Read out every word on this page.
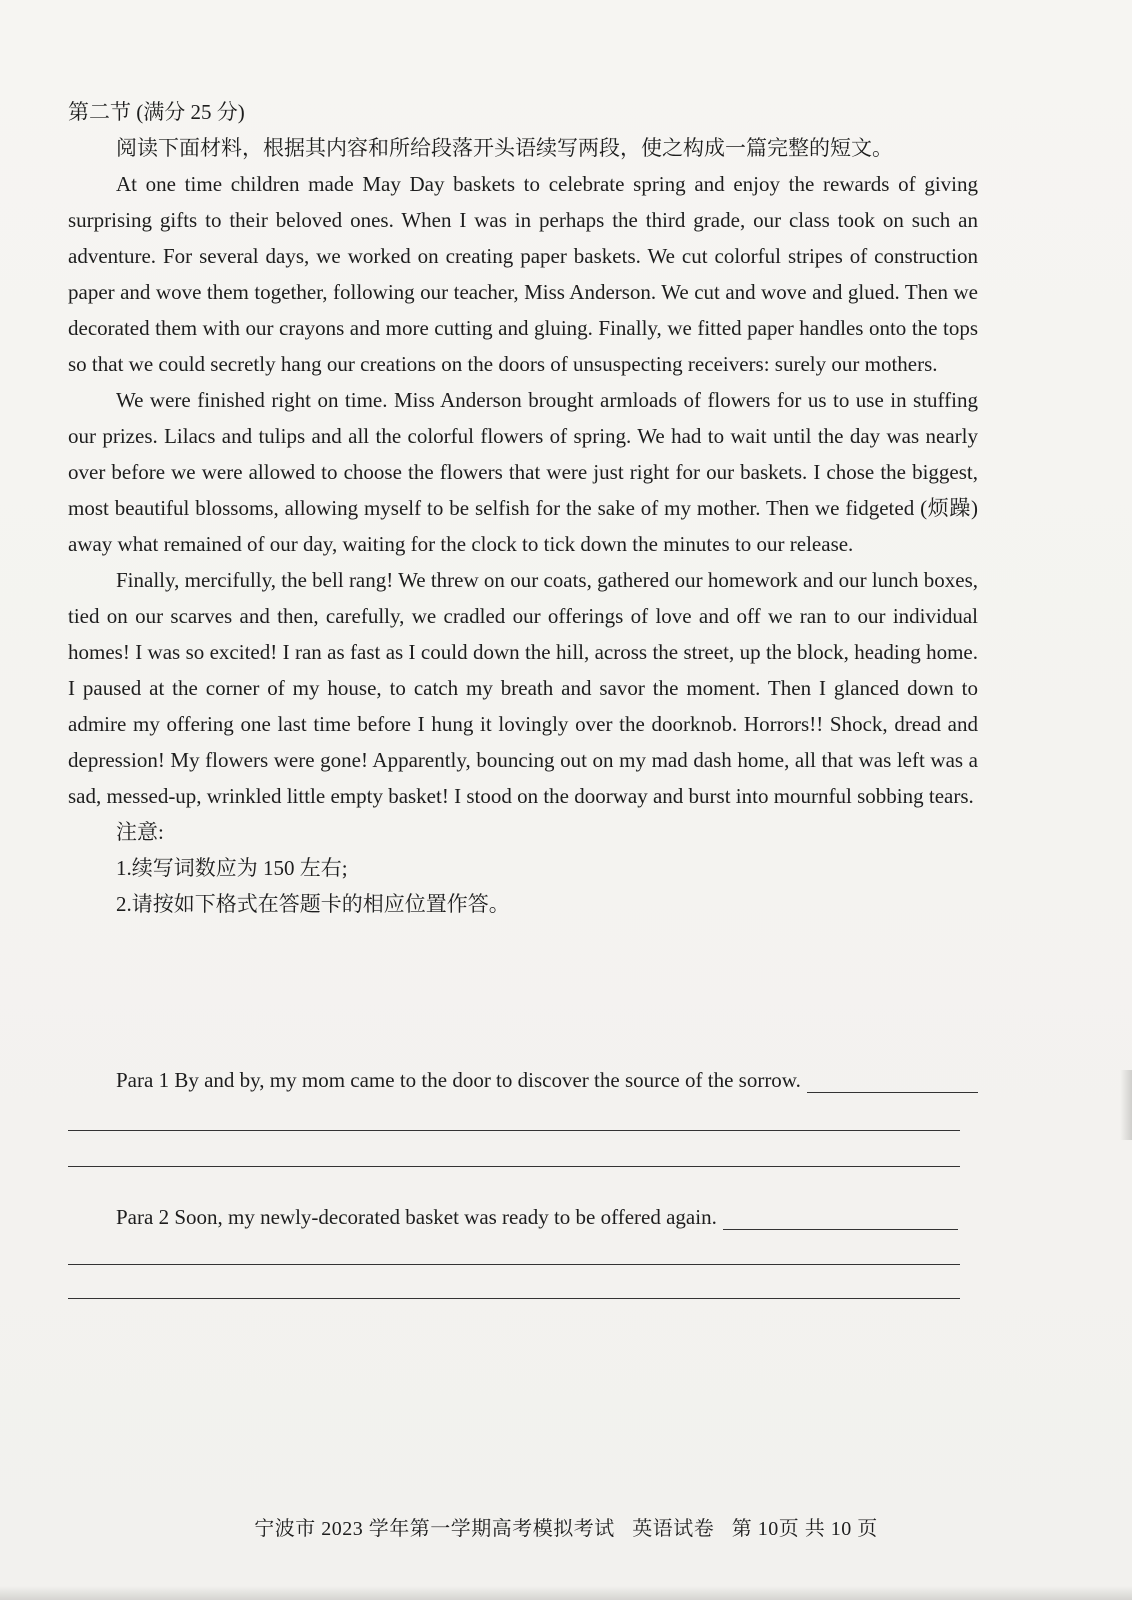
第二节 (满分 25 分)

阅读下面材料，根据其内容和所给段落开头语续写两段，使之构成一篇完整的短文。

At one time children made May Day baskets to celebrate spring and enjoy the rewards of giving surprising gifts to their beloved ones. When I was in perhaps the third grade, our class took on such an adventure. For several days, we worked on creating paper baskets. We cut colorful stripes of construction paper and wove them together, following our teacher, Miss Anderson. We cut and wove and glued. Then we decorated them with our crayons and more cutting and gluing. Finally, we fitted paper handles onto the tops so that we could secretly hang our creations on the doors of unsuspecting receivers: surely our mothers.

We were finished right on time. Miss Anderson brought armloads of flowers for us to use in stuffing our prizes. Lilacs and tulips and all the colorful flowers of spring. We had to wait until the day was nearly over before we were allowed to choose the flowers that were just right for our baskets. I chose the biggest, most beautiful blossoms, allowing myself to be selfish for the sake of my mother. Then we fidgeted (烦躁) away what remained of our day, waiting for the clock to tick down the minutes to our release.

Finally, mercifully, the bell rang! We threw on our coats, gathered our homework and our lunch boxes, tied on our scarves and then, carefully, we cradled our offerings of love and off we ran to our individual homes! I was so excited! I ran as fast as I could down the hill, across the street, up the block, heading home. I paused at the corner of my house, to catch my breath and savor the moment. Then I glanced down to admire my offering one last time before I hung it lovingly over the doorknob. Horrors!! Shock, dread and depression! My flowers were gone! Apparently, bouncing out on my mad dash home, all that was left was a sad, messed-up, wrinkled little empty basket! I stood on the doorway and burst into mournful sobbing tears.

注意:

1.续写词数应为 150 左右;

2.请按如下格式在答题卡的相应位置作答。

Para 1 By and by, my mom came to the door to discover the source of the sorrow.
Para 2 Soon, my newly-decorated basket was ready to be offered again.
宁波市 2023 学年第一学期高考模拟考试 英语试卷 第 10页 共 10 页
